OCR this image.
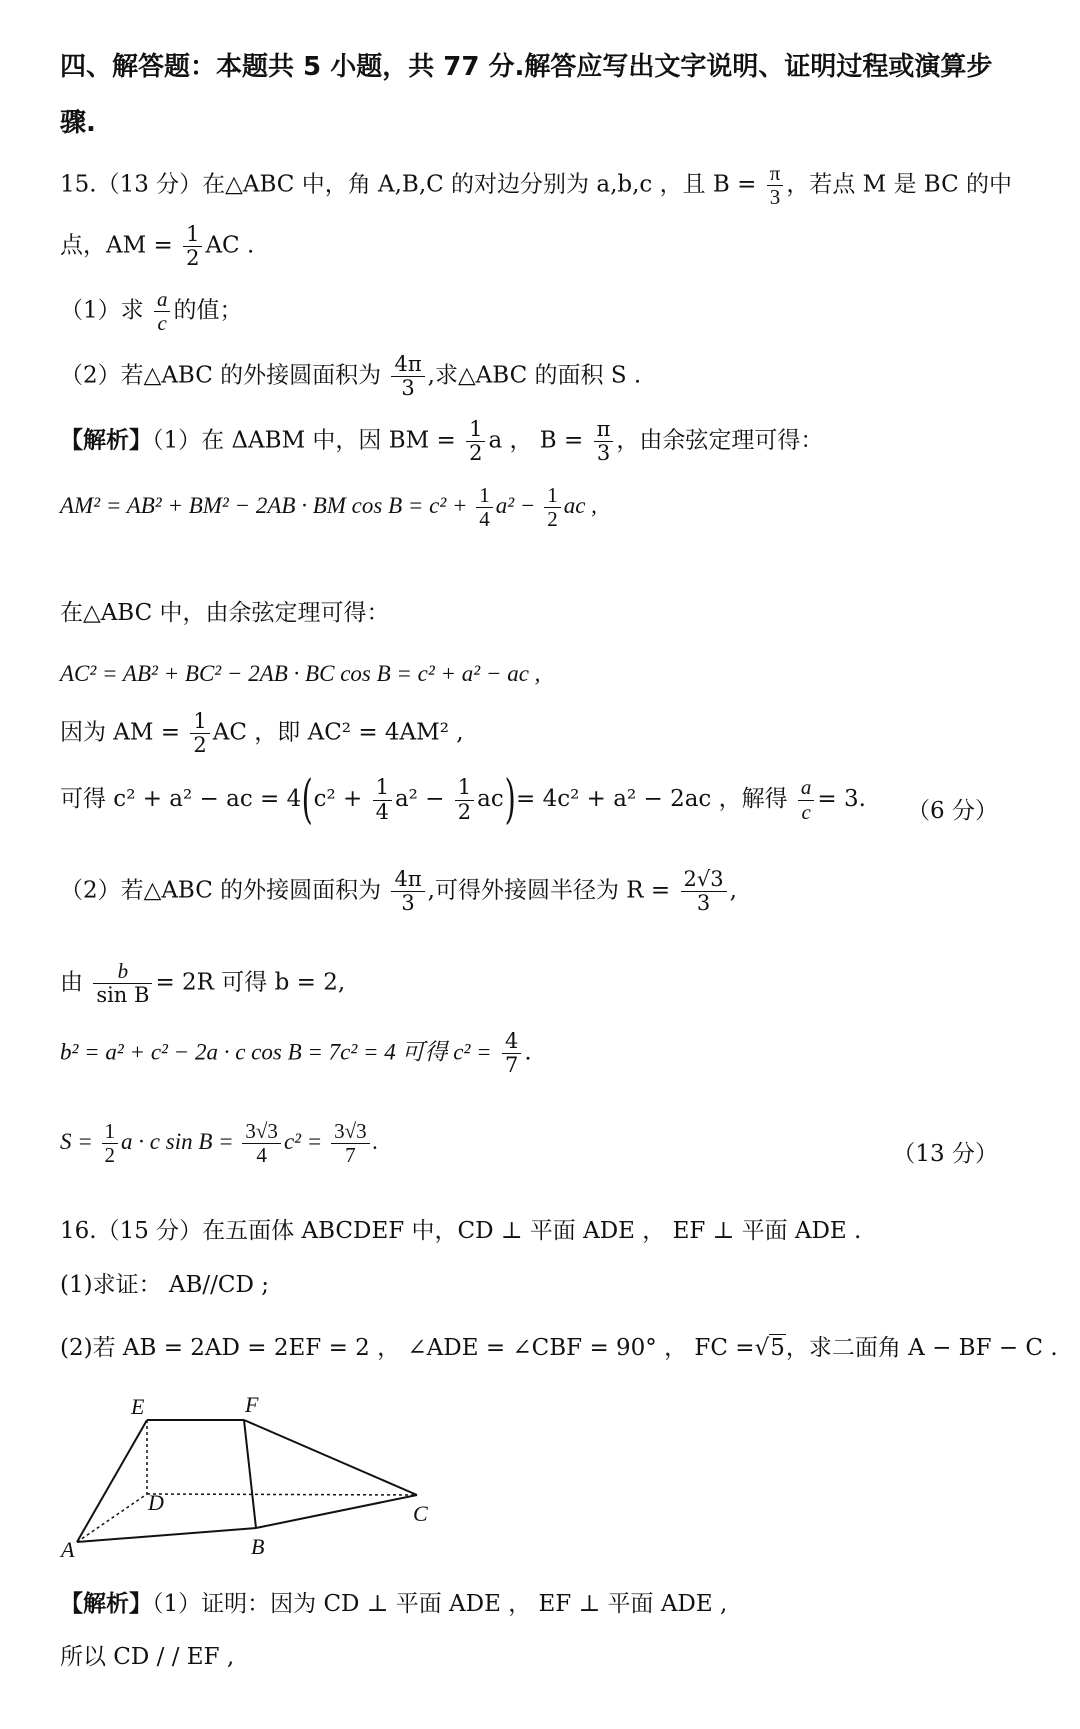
四、解答题：本题共 5 小题，共 77 分.解答应写出文字说明、证明过程或演算步
骤.
15.（13 分）在△ABC 中，角 A,B,C 的对边分别为 a,b,c ，且 $B = \frac{\pi}{3}$ ，若点 M 是 BC 的中
点，AM = $\frac{1}{2}$ AC .
（1）求 $\frac{a}{c}$ 的值；
（2）若△ABC 的外接圆面积为 $\frac{4\pi}{3}$ ,求△ABC 的面积 S .
【解析】（1）在 ΔABM 中，因 BM = $\frac{1}{2}$ a ， $B = \frac{\pi}{3}$ ，由余弦定理可得：
AM² = AB² + BM² − 2AB · BM $\cos B = c^2 + \frac{1}{4} a^2 - \frac{1}{2}$ ac ,
在△ABC 中，由余弦定理可得：
AC² = AB² + BC² − 2AB · BC cos B = c² + a² − ac ,
因为 AM = $\frac{1}{2}$ AC ，即 AC² = 4AM² ,
可得 c² + a² − ac = $4(c^2 + \frac{1}{4} a^2 - \frac{1}{2} ac)= 4c^2 + a^2 - 2ac$ ，解得 $\frac{a}{c} = 3$. （6 分）
（2）若△ABC 的外接圆面积为 $\frac{4\pi}{3}$ ,可得外接圆半径为 $R = \frac{2√3}{3}$ ,
由 $\frac{b}{\text{sin B}} = 2R$ 可得 b = 2,
b² = a² + c² − 2a · c cos B = 7c² = 4 可得 $c^2 = \frac{4}{7}$ .
$S = \frac{1}{2}$ a · c $\sin B = \frac{3√3}{4} c^2 = \frac{3√3}{7}$ .	（13 分）
16.（15 分）在五面体 ABCDEF 中，CD ⊥ 平面 ADE ， EF ⊥ 平面 ADE .
(1)求证： AB//CD ;
(2)若 AB = 2AD = 2EF = 2 ， ∠ADE = ∠CBF = 90° ， FC =√5，求二面角 A − BF − C .
E	F
D	C
A	B
【解析】（1）证明：因为 CD ⊥ 平面 ADE ， EF ⊥ 平面 ADE ,
所以 CD / / EF ,
